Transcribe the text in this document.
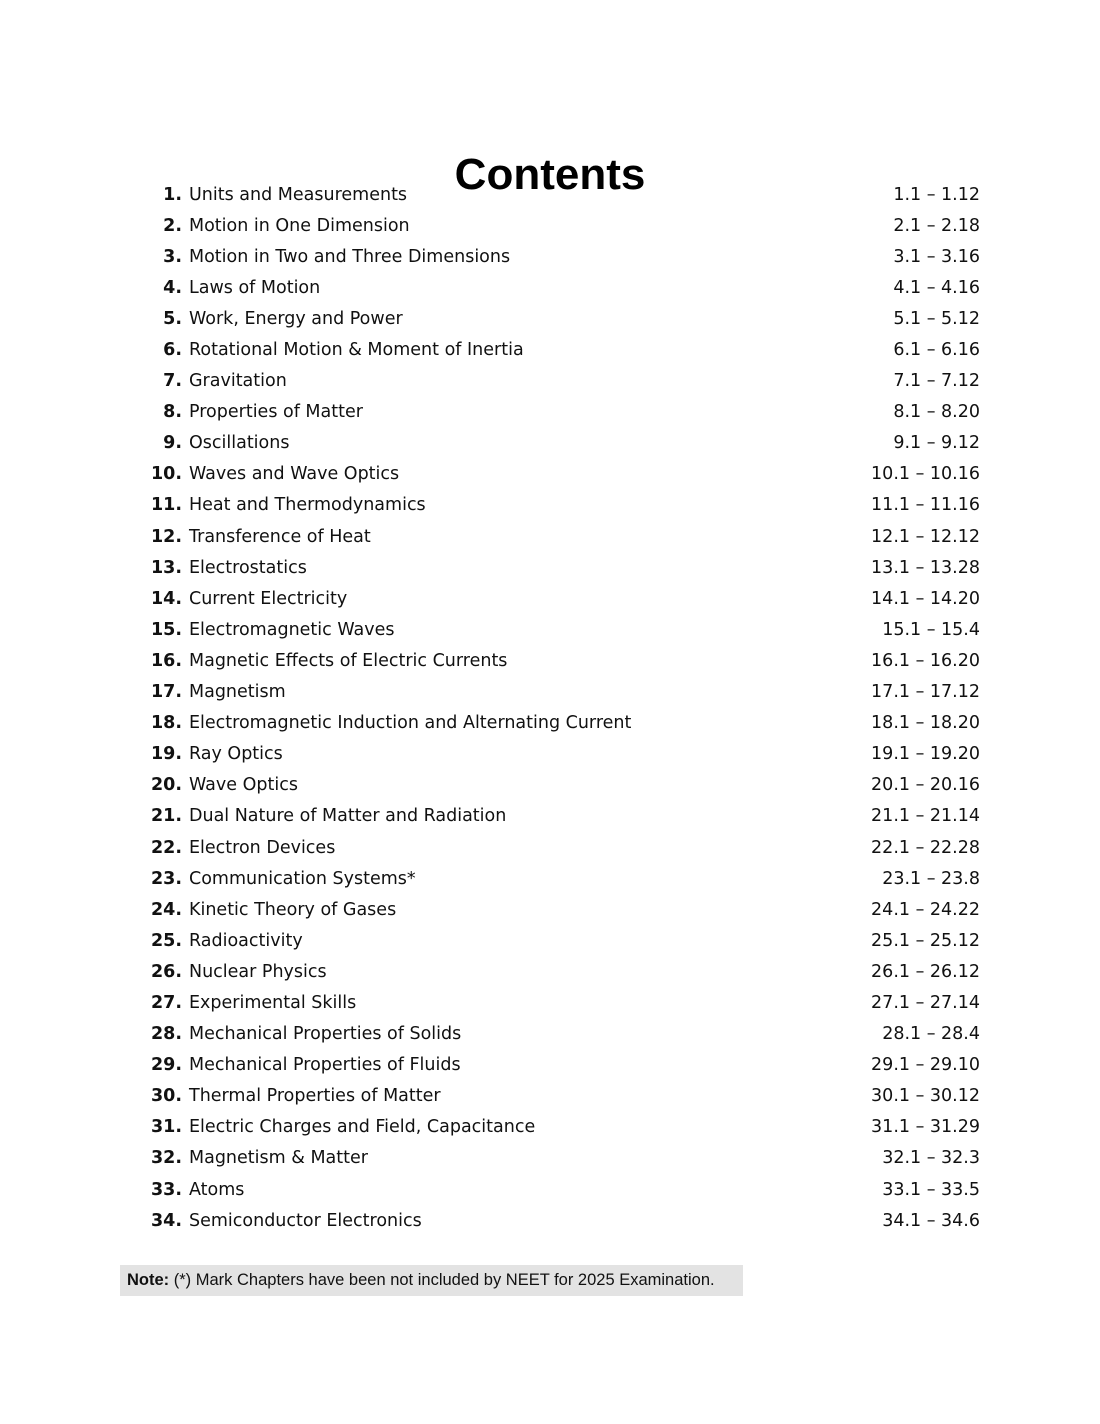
Contents
1. Units and Measurements	1.1 – 1.12
2. Motion in One Dimension	2.1 – 2.18
3. Motion in Two and Three Dimensions	3.1 – 3.16
4. Laws of Motion	4.1 – 4.16
5. Work, Energy and Power	5.1 – 5.12
6. Rotational Motion & Moment of Inertia	6.1 – 6.16
7. Gravitation	7.1 – 7.12
8. Properties of Matter	8.1 – 8.20
9. Oscillations	9.1 – 9.12
10. Waves and Wave Optics	10.1 – 10.16
11. Heat and Thermodynamics	11.1 – 11.16
12. Transference of Heat	12.1 – 12.12
13. Electrostatics	13.1 – 13.28
14. Current Electricity	14.1 – 14.20
15. Electromagnetic Waves	15.1 – 15.4
16. Magnetic Effects of Electric Currents	16.1 – 16.20
17. Magnetism	17.1 – 17.12
18. Electromagnetic Induction and Alternating Current	18.1 – 18.20
19. Ray Optics	19.1 – 19.20
20. Wave Optics	20.1 – 20.16
21. Dual Nature of Matter and Radiation	21.1 – 21.14
22. Electron Devices	22.1 – 22.28
23. Communication Systems*	23.1 – 23.8
24. Kinetic Theory of Gases	24.1 – 24.22
25. Radioactivity	25.1 – 25.12
26. Nuclear Physics	26.1 – 26.12
27. Experimental Skills	27.1 – 27.14
28. Mechanical Properties of Solids	28.1 – 28.4
29. Mechanical Properties of Fluids	29.1 – 29.10
30. Thermal Properties of Matter	30.1 – 30.12
31. Electric Charges and Field, Capacitance	31.1 – 31.29
32. Magnetism & Matter	32.1 – 32.3
33. Atoms	33.1 – 33.5
34. Semiconductor Electronics	34.1 – 34.6
Note: (*) Mark Chapters have been not included by NEET for 2025 Examination.
